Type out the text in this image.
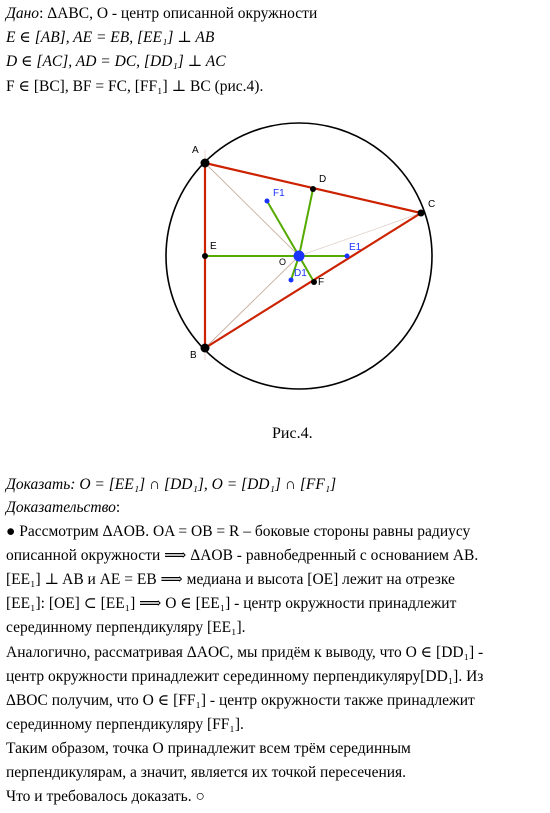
Дано: ΔABC, O - центр описанной окружности
E ∈ [AB], AE = EB, [EE₁] ⊥ AB
D ∈ [AC], AD = DC, [DD₁] ⊥ AC
F ∈ [BC], BF = FC, [FF₁] ⊥ BC (рис.4).
A
B
C
D
E
F
O
D1
E1
F1
Рис.4.
Доказать: O = [EE₁] ∩ [DD₁], O = [DD₁] ∩ [FF₁]
Доказательство:
● Рассмотрим ΔAOB. OA = OB = R – боковые стороны равны радиусу
описанной окружности ⟹ ΔAOB - равнобедренный с основанием AB.
[EE₁] ⊥ AB и AE = EB ⟹ медиана и высота [OE] лежит на отрезке
[EE₁]: [OE] ⊂ [EE₁] ⟹ O ∈ [EE₁] - центр окружности принадлежит
серединному перпендикуляру [EE₁].
Аналогично, рассматривая ΔAOC, мы придём к выводу, что O ∈ [DD₁] -
центр окружности принадлежит серединному перпендикуляру[DD₁]. Из
ΔBOC получим, что O ∈ [FF₁] - центр окружности также принадлежит
серединному перпендикуляру [FF₁].
Таким образом, точка О принадлежит всем трём серединным
перпендикулярам, а значит, является их точкой пересечения.
Что и требовалось доказать. ○
